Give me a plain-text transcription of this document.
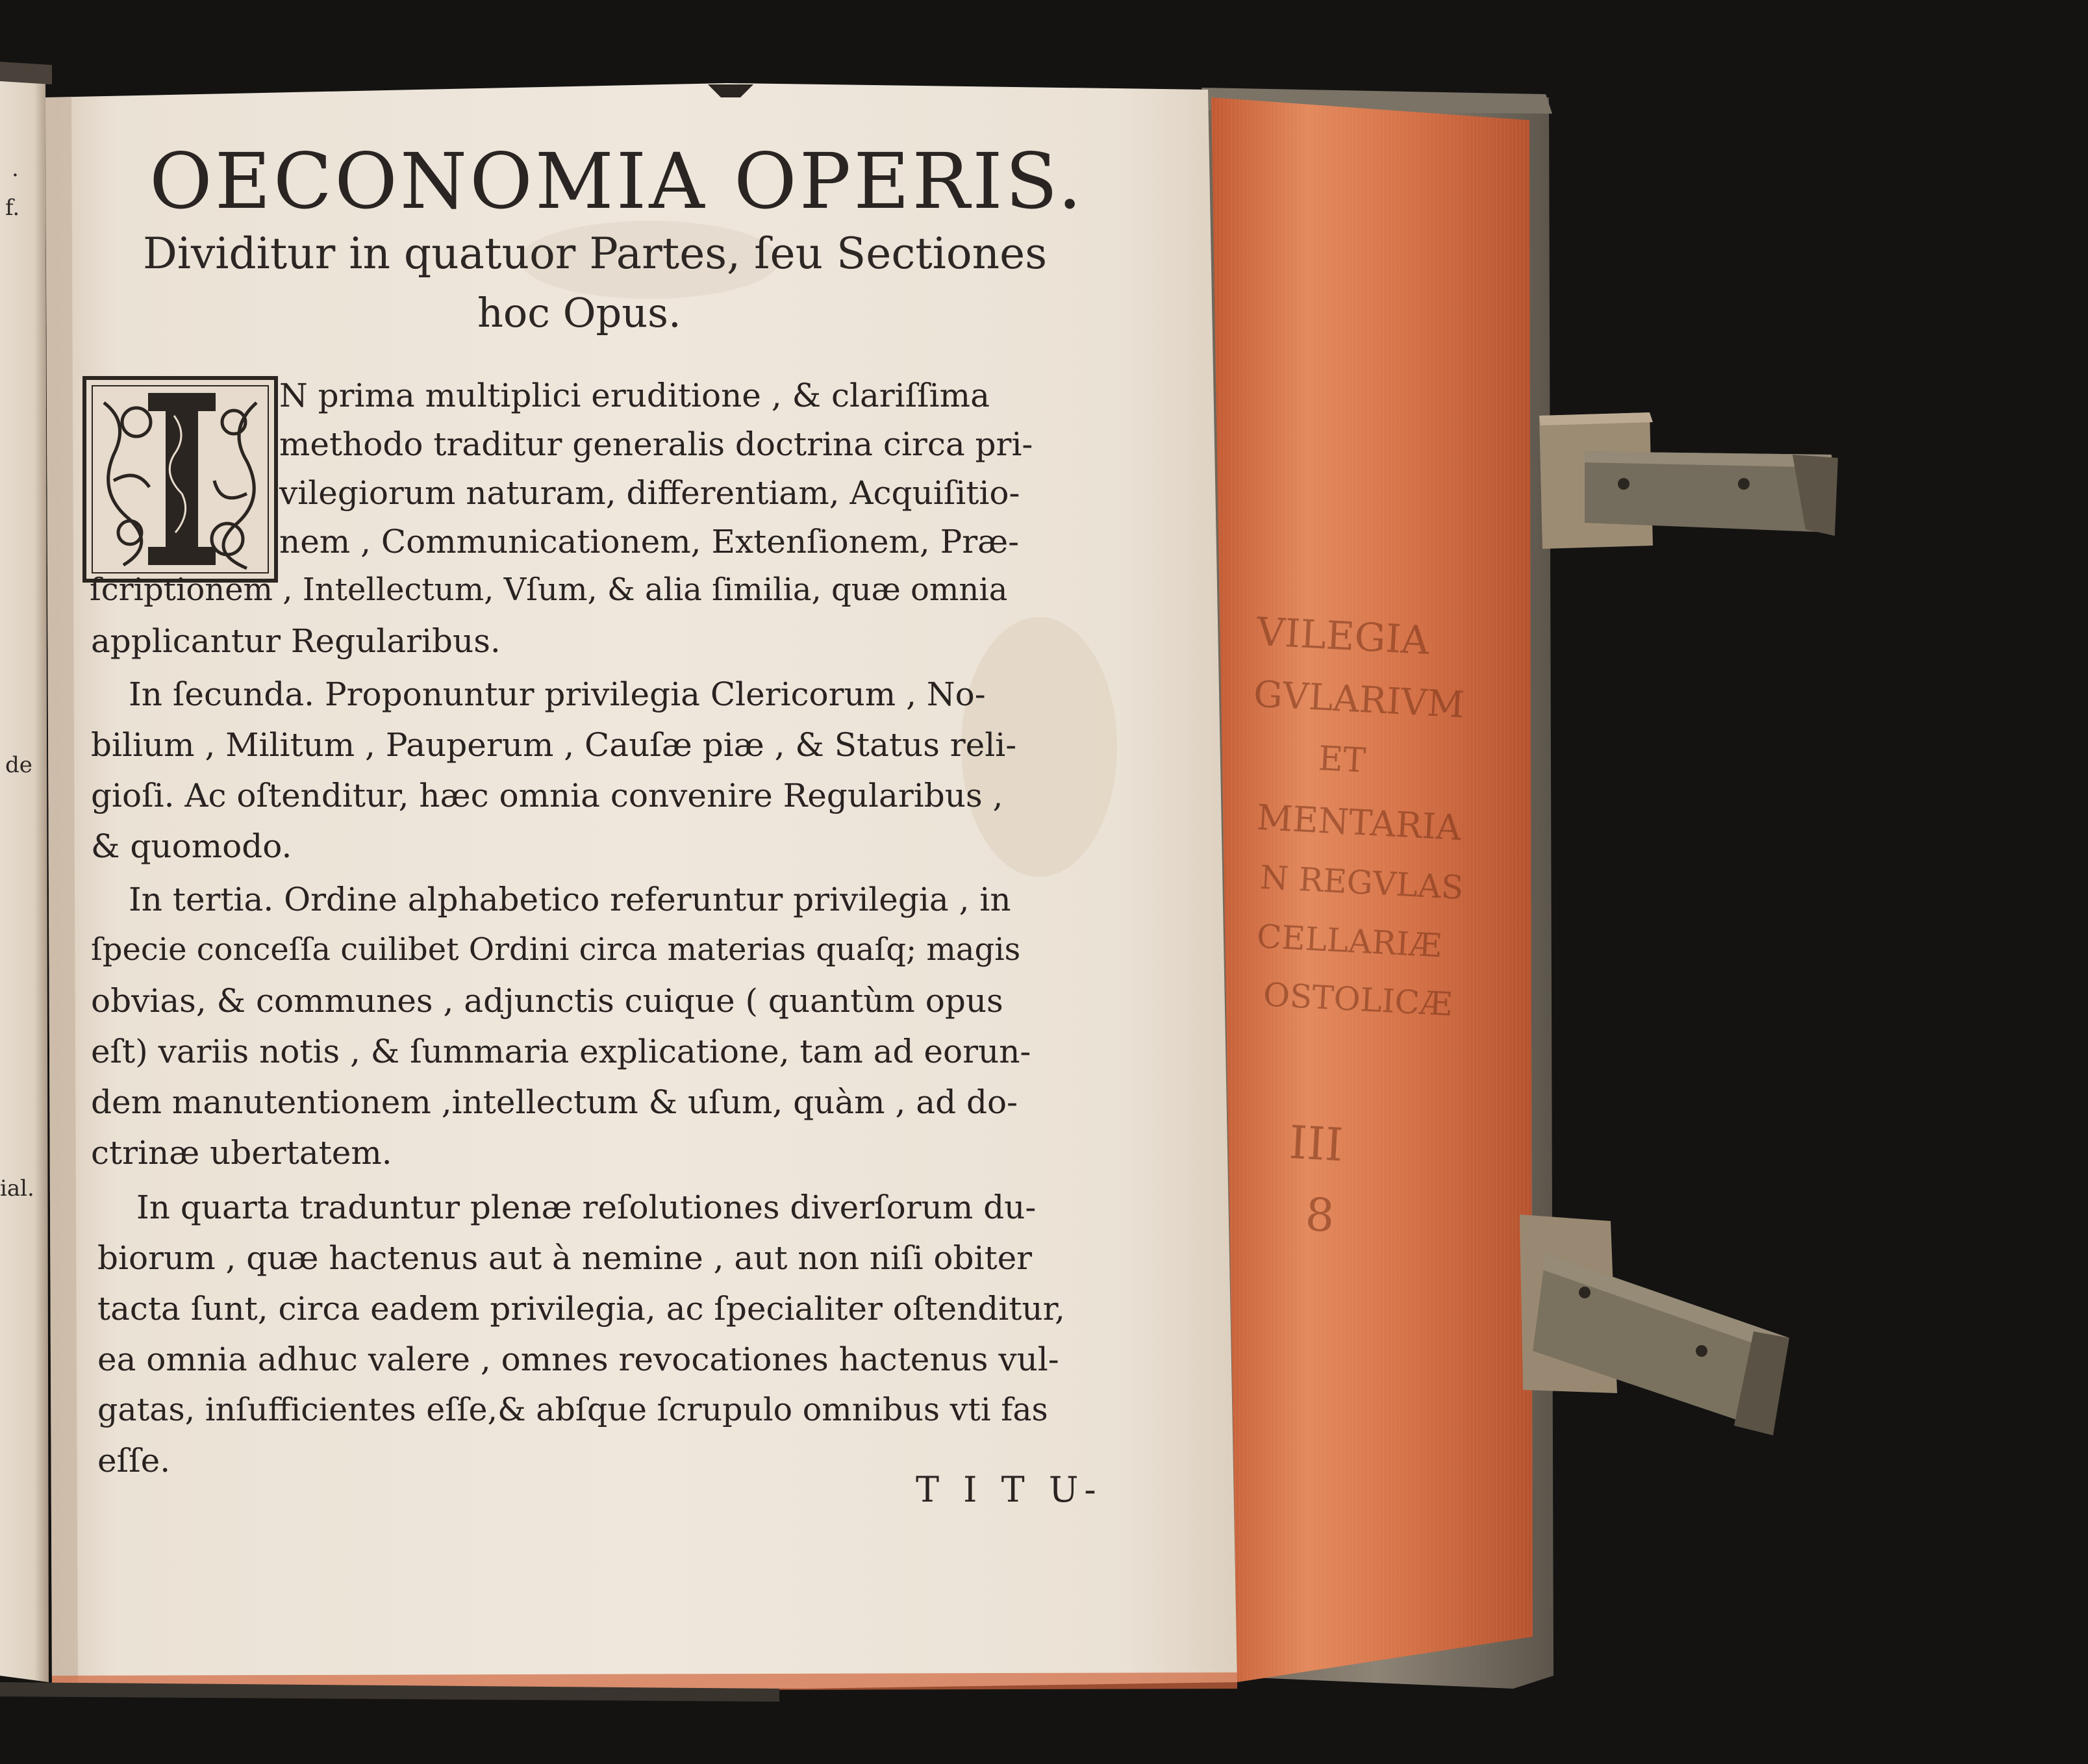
.
f.
de
ial.
VILEGIA
GVLARIVM
ET
MENTARIA
N REGVLAS
CELLARIÆ
OSTOLICÆ
III
8
OECONOMIA OPERIS.
Dividitur in quatuor Partes, ſeu Sectiones
hoc Opus.
N prima multiplici eruditione , & clariſſima
methodo traditur generalis doctrina circa pri-
vilegiorum naturam, differentiam, Acquiſitio-
nem , Communicationem, Extenſionem, Præ-
ſcriptionem , Intellectum, Vſum, & alia ſimilia, quæ omnia
applicantur Regularibus.
In ſecunda. Proponuntur privilegia Clericorum , No-
bilium , Militum , Pauperum , Cauſæ piæ , & Status reli-
gioſi. Ac oſtenditur, hæc omnia convenire Regularibus ,
& quomodo.
In tertia. Ordine alphabetico referuntur privilegia , in
ſpecie conceſſa cuilibet Ordini circa materias quaſq; magis
obvias, & communes , adjunctis cuique ( quantùm opus
eſt) variis notis , & ſummaria explicatione, tam ad eorun-
dem manutentionem ,intellectum & uſum, quàm , ad do-
ctrinæ ubertatem.
In quarta traduntur plenæ reſolutiones diverſorum du-
biorum , quæ hactenus aut à nemine , aut non niſi obiter
tacta ſunt, circa eadem privilegia, ac ſpecialiter oſtenditur,
ea omnia adhuc valere , omnes revocationes hactenus vul-
gatas, inſufficientes eſſe,& abſque ſcrupulo omnibus vti fas
eſſe.
T I T U-
